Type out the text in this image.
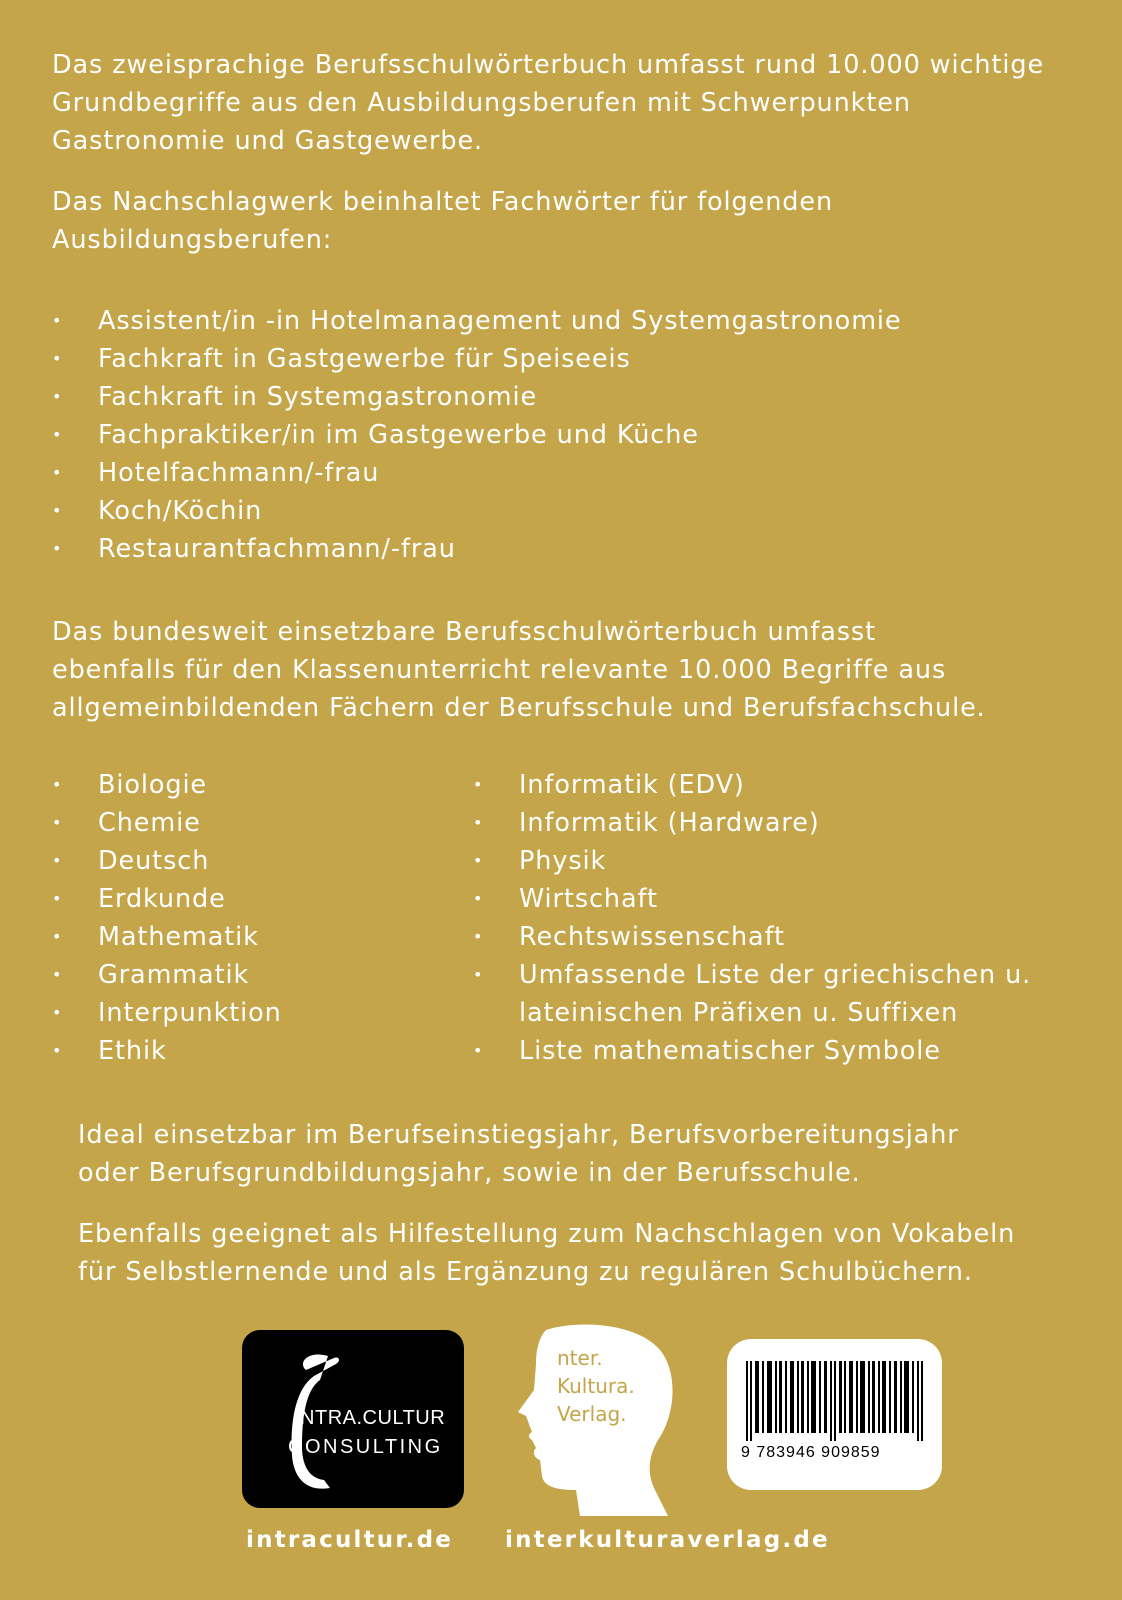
Das zweisprachige Berufsschulwörterbuch umfasst rund 10.000 wichtige
Grundbegriffe aus den Ausbildungsberufen mit Schwerpunkten
Gastronomie und Gastgewerbe.

Das Nachschlagwerk beinhaltet Fachwörter für folgenden
Ausbildungsberufen:

• Assistent/in -in Hotelmanagement und Systemgastronomie
• Fachkraft in Gastgewerbe für Speiseeis
• Fachkraft in Systemgastronomie
• Fachpraktiker/in im Gastgewerbe und Küche
• Hotelfachmann/-frau
• Koch/Köchin
• Restaurantfachmann/-frau

Das bundesweit einsetzbare Berufsschulwörterbuch umfasst
ebenfalls für den Klassenunterricht relevante 10.000 Begriffe aus
allgemeinbildenden Fächern der Berufsschule und Berufsfachschule.

• Biologie
• Chemie
• Deutsch
• Erdkunde
• Mathematik
• Grammatik
• Interpunktion
• Ethik
• Informatik (EDV)
• Informatik (Hardware)
• Physik
• Wirtschaft
• Rechtswissenschaft
• Umfassende Liste der griechischen u.
lateinischen Präfixen u. Suffixen
• Liste mathematischer Symbole

Ideal einsetzbar im Berufseinstiegsjahr, Berufsvorbereitungsjahr
oder Berufsgrundbildungsjahr, sowie in der Berufsschule.

Ebenfalls geeignet als Hilfestellung zum Nachschlagen von Vokabeln
für Selbstlernende und als Ergänzung zu regulären Schulbüchern.

INTRA.CULTUR
CONSULTING
nter.
Kultura.
Verlag.
9 783946 909859
intracultur.de interkulturaverlag.de
